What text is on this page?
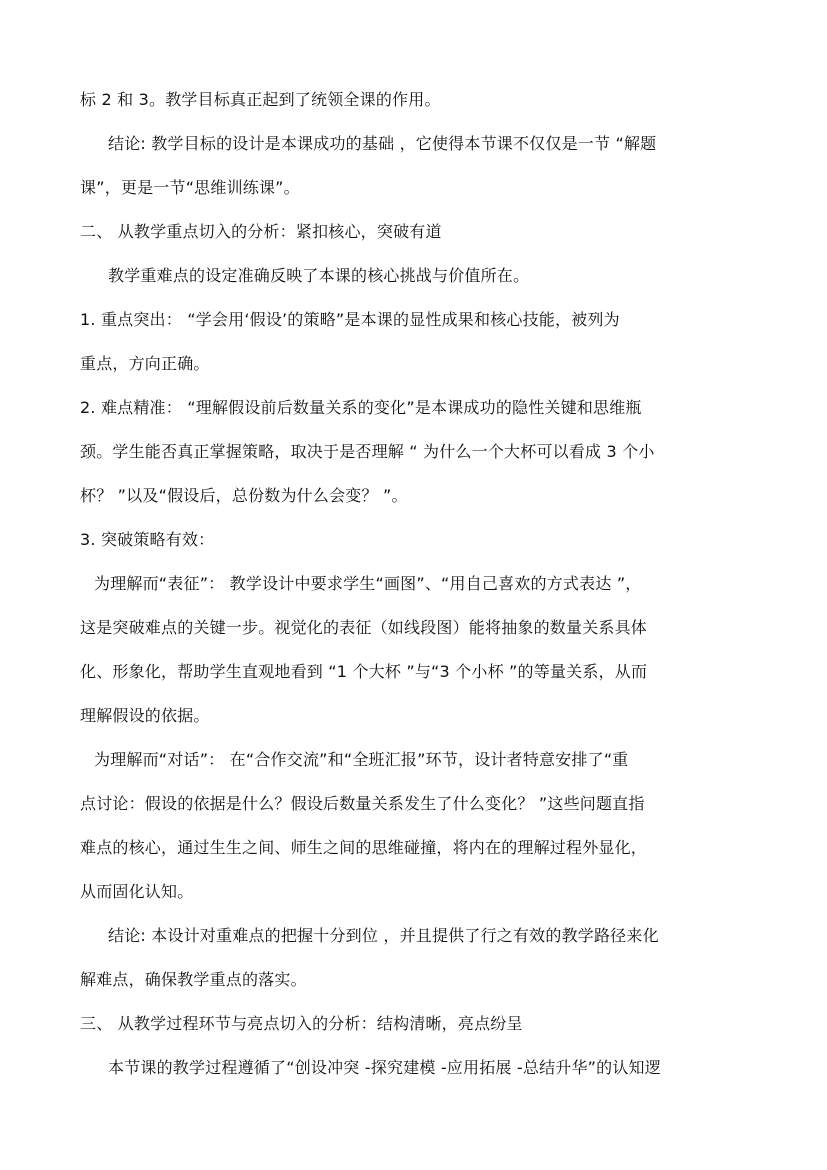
标 2 和 3。教学目标真正起到了统领全课的作用。
结论: 教学目标的设计是本课成功的基础 ，它使得本节课不仅仅是一节 “解题
课”，更是一节“思维训练课”。
二、 从教学重点切入的分析：紧扣核心，突破有道
教学重难点的设定准确反映了本课的核心挑战与价值所在。
1. 重点突出： “学会用‘假设’的策略”是本课的显性成果和核心技能，被列为
重点，方向正确。
2. 难点精准： “理解假设前后数量关系的变化”是本课成功的隐性关键和思维瓶
颈。学生能否真正掌握策略，取决于是否理解 “ 为什么一个大杯可以看成 3 个小
杯？ ”以及“假设后，总份数为什么会变？ ”。
3. 突破策略有效：
为理解而“表征”： 教学设计中要求学生“画图”、“用自己喜欢的方式表达 ”，
这是突破难点的关键一步。视觉化的表征（如线段图）能将抽象的数量关系具体
化、形象化，帮助学生直观地看到 “1 个大杯 ”与“3 个小杯 ”的等量关系，从而
理解假设的依据。
为理解而“对话”： 在“合作交流”和“全班汇报”环节，设计者特意安排了“重
点讨论：假设的依据是什么？假设后数量关系发生了什么变化？ ”这些问题直指
难点的核心，通过生生之间、师生之间的思维碰撞，将内在的理解过程外显化，
从而固化认知。
结论: 本设计对重难点的把握十分到位 ，并且提供了行之有效的教学路径来化
解难点，确保教学重点的落实。
三、 从教学过程环节与亮点切入的分析：结构清晰，亮点纷呈
本节课的教学过程遵循了“创设冲突 -探究建模 -应用拓展 -总结升华”的认知逻
